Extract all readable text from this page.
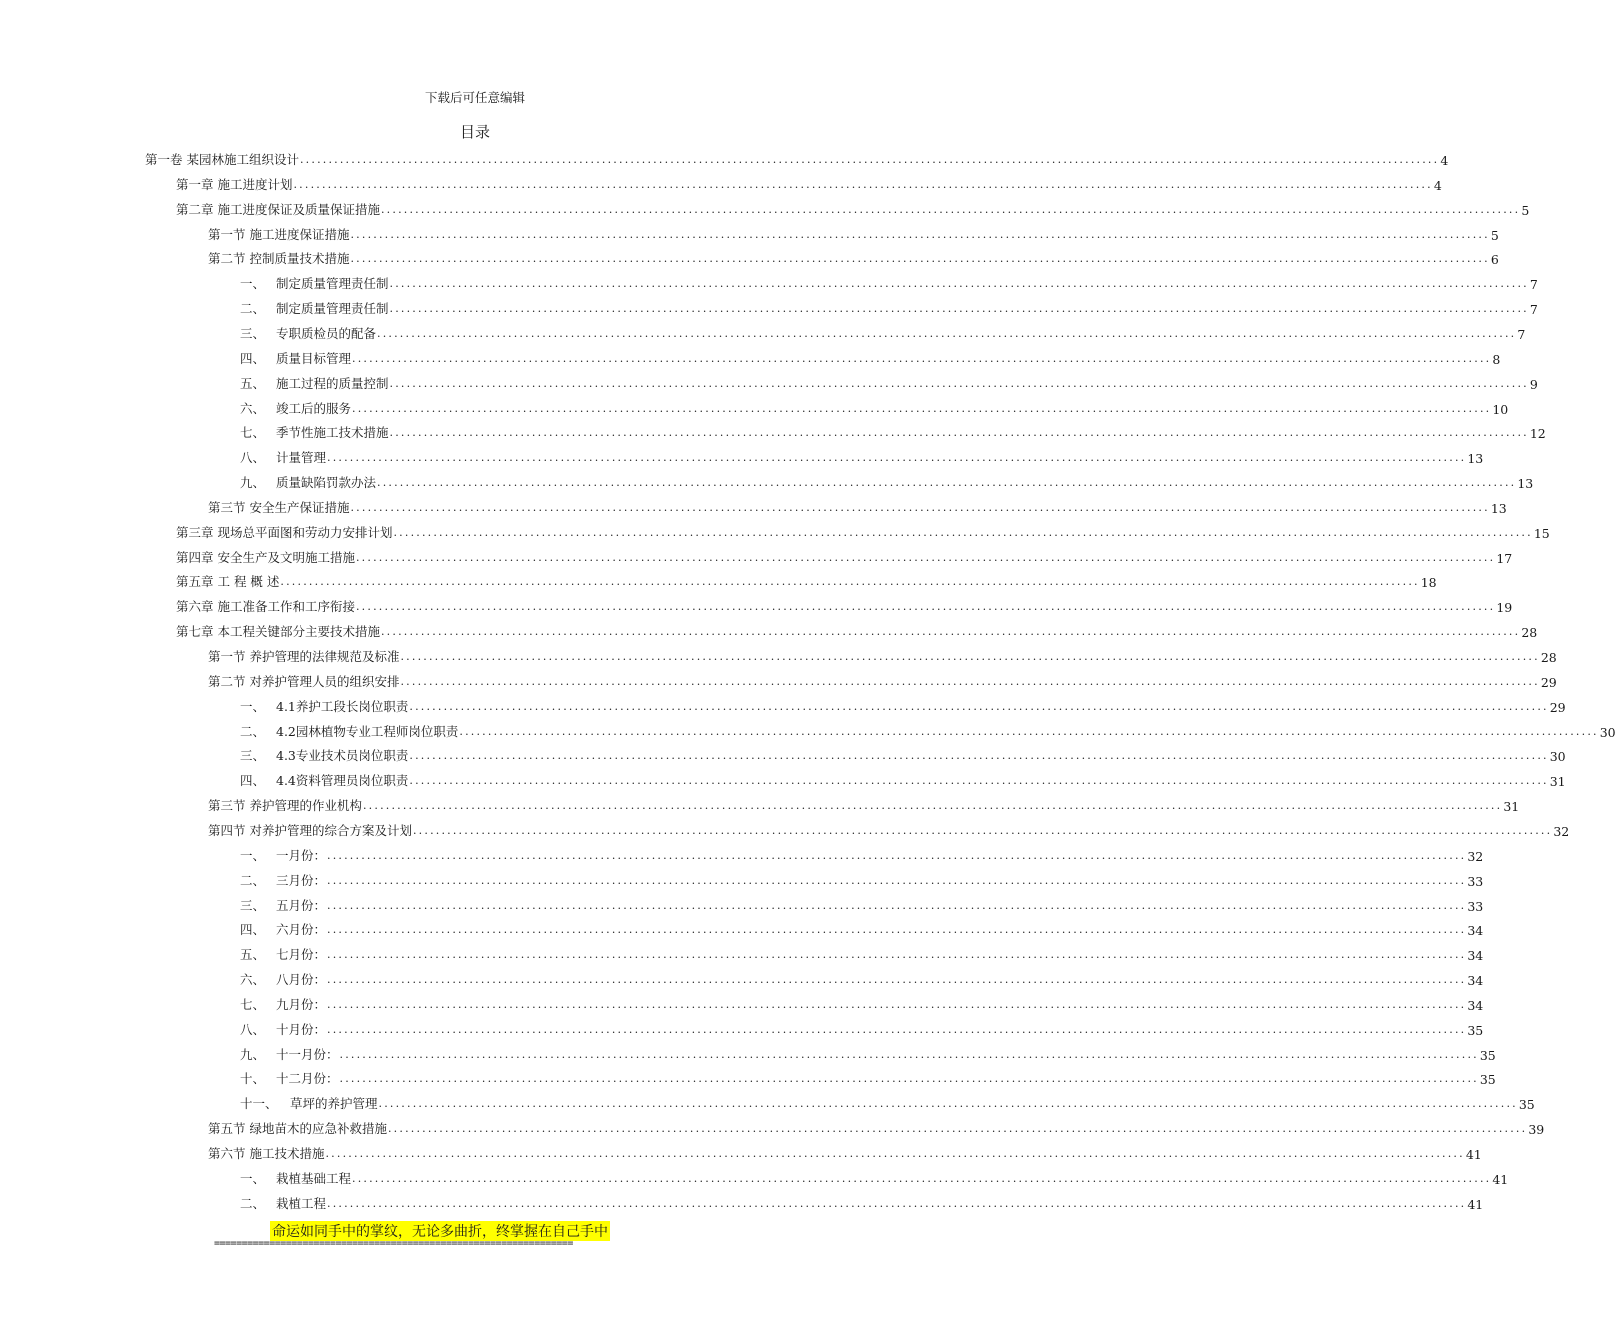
下载后可任意编辑
目录
第一卷 某园林施工组织设计 ........................................................................................................................................................................................................ 4
第一章 施工进度计划 ........................................................................................................................................................................................................ 4
第二章 施工进度保证及质量保证措施 ........................................................................................................................................................................................................ 5
第一节 施工进度保证措施 ........................................................................................................................................................................................................ 5
第二节 控制质量技术措施 ........................................................................................................................................................................................................ 6
一、 制定质量管理责任制 ........................................................................................................................................................................................................ 7
二、 制定质量管理责任制 ........................................................................................................................................................................................................ 7
三、 专职质检员的配备 ........................................................................................................................................................................................................ 7
四、 质量目标管理 ........................................................................................................................................................................................................ 8
五、 施工过程的质量控制 ........................................................................................................................................................................................................ 9
六、 竣工后的服务 ........................................................................................................................................................................................................ 10
七、 季节性施工技术措施 ........................................................................................................................................................................................................ 12
八、 计量管理 ........................................................................................................................................................................................................ 13
九、 质量缺陷罚款办法 ........................................................................................................................................................................................................ 13
第三节 安全生产保证措施 ........................................................................................................................................................................................................ 13
第三章 现场总平面图和劳动力安排计划 ........................................................................................................................................................................................................ 15
第四章 安全生产及文明施工措施 ........................................................................................................................................................................................................ 17
第五章 工 程 概 述 ........................................................................................................................................................................................................ 18
第六章 施工准备工作和工序衔接 ........................................................................................................................................................................................................ 19
第七章 本工程关键部分主要技术措施 ........................................................................................................................................................................................................ 28
第一节 养护管理的法律规范及标准 ........................................................................................................................................................................................................ 28
第二节 对养护管理人员的组织安排 ........................................................................................................................................................................................................ 29
一、 4.1养护工段长岗位职责 ........................................................................................................................................................................................................ 29
二、 4.2园林植物专业工程师岗位职责 ........................................................................................................................................................................................................ 30
三、 4.3专业技术员岗位职责 ........................................................................................................................................................................................................ 30
四、 4.4资料管理员岗位职责 ........................................................................................................................................................................................................ 31
第三节 养护管理的作业机构 ........................................................................................................................................................................................................ 31
第四节 对养护管理的综合方案及计划 ........................................................................................................................................................................................................ 32
一、 一月份： ........................................................................................................................................................................................................ 32
二、 三月份： ........................................................................................................................................................................................................ 33
三、 五月份： ........................................................................................................................................................................................................ 33
四、 六月份： ........................................................................................................................................................................................................ 34
五、 七月份： ........................................................................................................................................................................................................ 34
六、 八月份： ........................................................................................................................................................................................................ 34
七、 九月份： ........................................................................................................................................................................................................ 34
八、 十月份： ........................................................................................................................................................................................................ 35
九、 十一月份： ........................................................................................................................................................................................................ 35
十、 十二月份： ........................................................................................................................................................................................................ 35
十一、 草坪的养护管理 ........................................................................................................................................................................................................ 35
第五节 绿地苗木的应急补救措施 ........................................................................................................................................................................................................ 39
第六节 施工技术措施 ........................................................................................................................................................................................................ 41
一、 栽植基础工程 ........................................................................................................................................................................................................ 41
二、 栽植工程 ........................................................................................................................................................................................................ 41
命运如同手中的掌纹，无论多曲折，终掌握在自己手中
=================================================================
